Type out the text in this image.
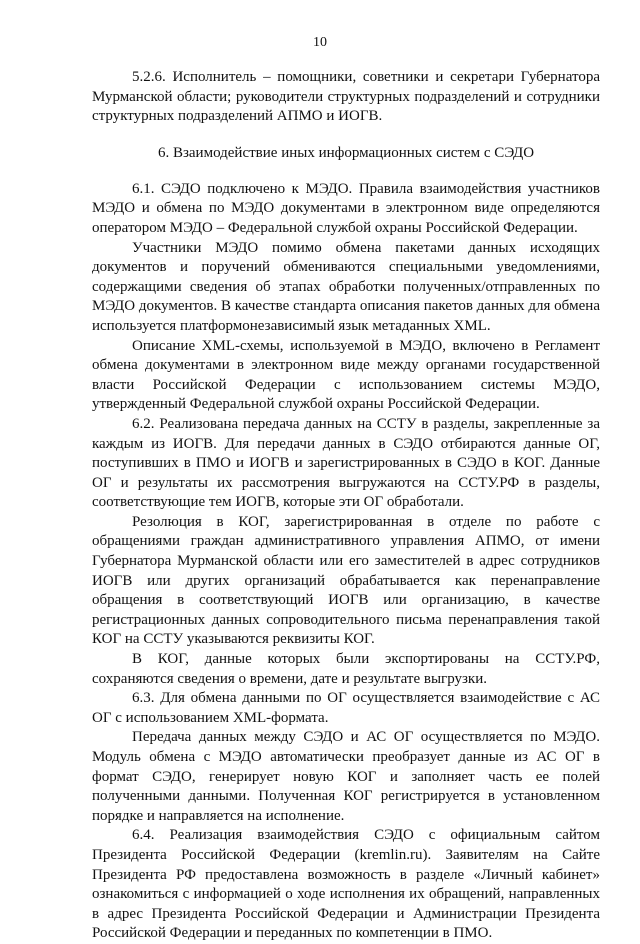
10

5.2.6. Исполнитель – помощники, советники и секретари Губернатора Мурманской области; руководители структурных подразделений и сотрудники структурных подразделений АПМО и ИОГВ.

6. Взаимодействие иных информационных систем с СЭДО

6.1. СЭДО подключено к МЭДО. Правила взаимодействия участников МЭДО и обмена по МЭДО документами в электронном виде определяются оператором МЭДО – Федеральной службой охраны Российской Федерации.

Участники МЭДО помимо обмена пакетами данных исходящих документов и поручений обмениваются специальными уведомлениями, содержащими сведения об этапах обработки полученных/отправленных по МЭДО документов. В качестве стандарта описания пакетов данных для обмена используется платформонезависимый язык метаданных XML.

Описание XML-схемы, используемой в МЭДО, включено в Регламент обмена документами в электронном виде между органами государственной власти Российской Федерации с использованием системы МЭДО, утвержденный Федеральной службой охраны Российской Федерации.

6.2. Реализована передача данных на ССТУ в разделы, закрепленные за каждым из ИОГВ. Для передачи данных в СЭДО отбираются данные ОГ, поступивших в ПМО и ИОГВ и зарегистрированных в СЭДО в КОГ. Данные ОГ и результаты их рассмотрения выгружаются на ССТУ.РФ в разделы, соответствующие тем ИОГВ, которые эти ОГ обработали.

Резолюция в КОГ, зарегистрированная в отделе по работе с обращениями граждан административного управления АПМО, от имени Губернатора Мурманской области или его заместителей в адрес сотрудников ИОГВ или других организаций обрабатывается как перенаправление обращения в соответствующий ИОГВ или организацию, в качестве регистрационных данных сопроводительного письма перенаправления такой КОГ на ССТУ указываются реквизиты КОГ.

В КОГ, данные которых были экспортированы на ССТУ.РФ, сохраняются сведения о времени, дате и результате выгрузки.

6.3. Для обмена данными по ОГ осуществляется взаимодействие с АС ОГ с использованием XML-формата.

Передача данных между СЭДО и АС ОГ осуществляется по МЭДО. Модуль обмена с МЭДО автоматически преобразует данные из АС ОГ в формат СЭДО, генерирует новую КОГ и заполняет часть ее полей полученными данными. Полученная КОГ регистрируется в установленном порядке и направляется на исполнение.

6.4. Реализация взаимодействия СЭДО с официальным сайтом Президента Российской Федерации (kremlin.ru). Заявителям на Сайте Президента РФ предоставлена возможность в разделе «Личный кабинет» ознакомиться с информацией о ходе исполнения их обращений, направленных в адрес Президента Российской Федерации и Администрации Президента Российской Федерации и переданных по компетенции в ПМО.
